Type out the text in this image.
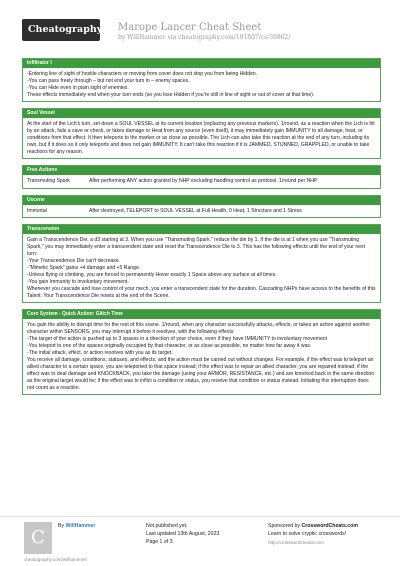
Cheatography Marope Lancer Cheat Sheet
by WillHammer via cheatography.com/191807/cs/39862/
Infiltrator I

-Entering line of sight of hostile characters or moving from cover does not stop you from being Hidden.

-You can pass freely through – but not end your turn in – enemy spaces.

-You can Hide even in plain sight of enemies.

These effects immediately end when your turn ends (so you lose Hidden if you’re still in line of sight or out of cover at that time).

Soul Vessel

At the start of the Lich's turn, set down a SOUL VESSEL at its current location (replacing any previous markers). 1/round, as a reaction when the Lich is hit by an attack, fails a save or check, or takes damage or Heat from any source (even itself), it may immediately gain IMMUNITY to all damage, heat, or conditions from that effect. It then teleports to the marker or as close as possible. The Lich can also take this reaction at the end of any turn, including its own, but if it does so it only teleports and does not gain IMMUNITY. It can't take this reaction if it is JAMMED, STUNNED, GRAPPLED, or unable to take reactions for any reason.

Free Actions
Transmuting Spark	After performing ANY action granted by NHP excluding handling control as protocol. 1/round per NHP
Uscene
Immortal	After destroyed, TELEPORT to SOUL VESSEL at Full Health, 0 Heat, 1 Structure and 1 Stress
Transcension

Gain a Transcendence Die, a d3 starting at 3. When you use "Transmuting Spark," reduce the die by 1. If the die is at 1 when you use "Transmuting Spark," you may immediately enter a transcendent state and reset the Transcendence Die to 3. This has the following effects until the end of your next turn:

-Your Transcendence Die can't decrease.

-"Mimetic Spark" gains +4 damage and +5 Range.

-Unless flying or climbing, you are forced to permanently Hover exactly 1 Space above any surface at all times.

-You gain Immunity to involuntary movement.

Whenever you cascade and lose control of your mech, you enter a transcendent state for the duration. Cascading NHPs have access to the benefits of this Talent. Your Transcendence Die resets at the end of the Scene.

Core System - Quick Action: Glitch Time

You gain the ability to disrupt time for the rest of this scene. 1/round, when any character successfully attacks, effects, or takes an action against another character within SENSORS, you may interrupt it before it resolves, with the following effects:

-The target of the action is pushed up to 3 spaces in a direction of your choice, even if they have IMMUNITY to involuntary movement

-You teleport to one of the spaces originally occupied by that character, or as close as possible, no matter how far away it was.

-The initial attack, effect, or action resolves with you as its target.

You receive all damage, conditions, statuses, and effects, and the action must be carried out without changes. For example, if the effect was to teleport an allied character to a certain space, you are teleported to that space instead; if the effect was to repair an allied character, you are repaired instead; if the effect was to deal damage and KNOCKBACK, you take the damage (using your ARMOR, RESISTANCE, etc.) and are knocked back in the same direction as the original target would be; if the effect was to inflict a condition or status, you receive that condition or status instead. Initiating this interruption does not count as a reaction.

C
By WillHammer	Not published yet.
Last updated 13th August, 2023.
Page 1 of 3.
Sponsored by CrosswordCheats.com
Learn to solve cryptic crosswords!
http://crosswordcheats.com
cheatography.com/willhammer/
